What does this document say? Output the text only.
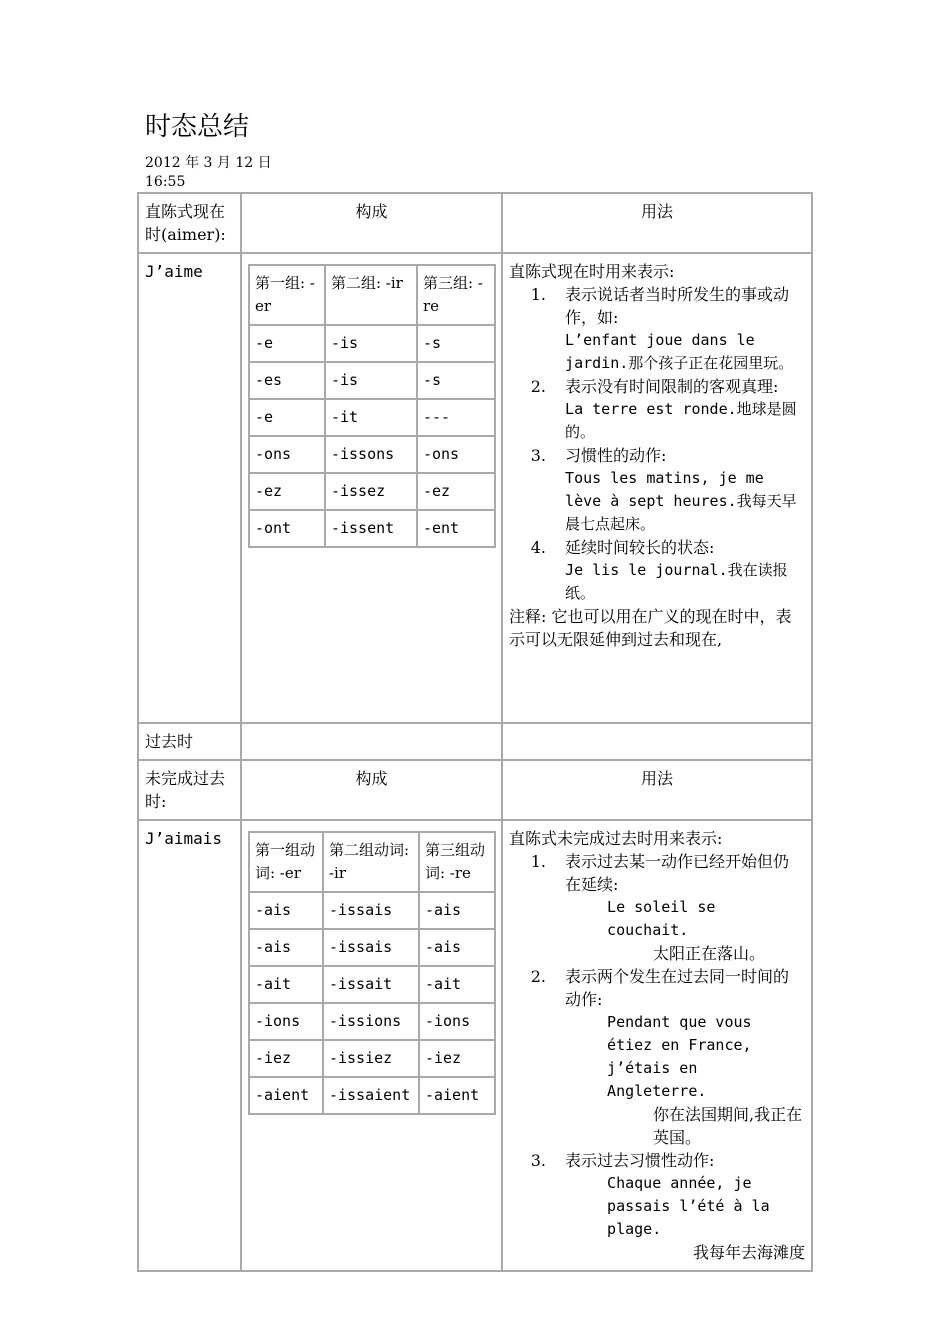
时态总结
2012 年 3 月 12 日
16:55
直陈式现在时(aimer):	构成	用法
J’aime	
第一组: -er	第二组: -ir	第三组: -re
-e	-is	-s
-es	-is	-s
-e	-it	---
-ons	-issons	-ons
-ez	-issez	-ez
-ont	-issent	-ent

直陈式现在时用来表示:

1. 表示说话者当时所发生的事或动作，如:
L’enfant joue dans le jardin.那个孩子正在花园里玩。
2. 表示没有时间限制的客观真理:
La terre est ronde.地球是圆的。
3. 习惯性的动作:
Tous les matins, je me lève à sept heures.我每天早晨七点起床。
4. 延续时间较长的状态:
Je lis le journal.我在读报纸。

注释: 它也可以用在广义的现在时中，表示可以无限延伸到过去和现在,

过去时		
未完成过去时:	构成	用法
J’aimais	
第一组动词: -er	第二组动词: -ir	第三组动词: -re
-ais	-issais	-ais
-ais	-issais	-ais
-ait	-issait	-ait
-ions	-issions	-ions
-iez	-issiez	-iez
-aient	-issaient	-aient

直陈式未完成过去时用来表示:

1. 表示过去某一动作已经开始但仍在延续:
Le soleil se couchait.
太阳正在落山。
2. 表示两个发生在过去同一时间的动作:
Pendant que vous étiez en France, j’étais en Angleterre.
你在法国期间,我正在英国。
3. 表示过去习惯性动作:
Chaque année, je passais l’été à la plage.
我每年去海滩度
